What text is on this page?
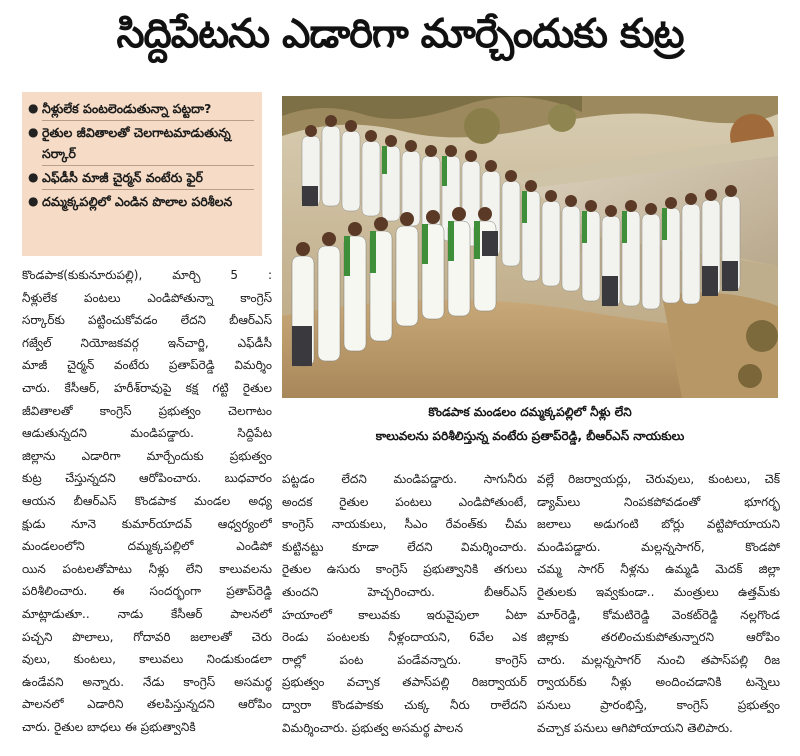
సిద్దిపేటను ఎడారిగా మార్చేందుకు కుట్ర
● నీళ్లులేక పంటలెండుతున్నా పట్టదా?
● రైతుల జీవితాలతో చెలగాటమాడుతున్న సర్కార్
● ఎఫ్‌డీసీ మాజీ చైర్మన్ వంటేరు ఫైర్
● దమ్మక్కపల్లిలో ఎండిన పొలాల పరిశీలన
కొండపాక మండలం దమ్మక్కపల్లిలో నీళ్లు లేని
కాలువలను పరిశీలిస్తున్న వంటేరు ప్రతాప్‌రెడ్డి, బీఆర్‌ఎస్ నాయకులు

కొండపాక(కుకునూరుపల్లి), మార్చి 5 :

నీళ్లులేక పంటలు ఎండిపోతున్నా కాంగ్రెస్

సర్కార్‌కు పట్టించుకోవడం లేదని బీఆర్‌ఎస్

గజ్వేల్ నియోజకవర్గ ఇన్‌చార్జి, ఎఫ్‌డీసీ

మాజీ చైర్మన్ వంటేరు ప్రతాప్‌రెడ్డి విమర్శిం

చారు. కేసీఆర్, హరీశ్‌రావుపై కక్ష గట్టి రైతుల

జీవితాలతో కాంగ్రెస్ ప్రభుత్వం చెలగాటం

ఆడుతున్నదని మండిపడ్డారు. సిద్దిపేట

జిల్లాను ఎడారిగా మార్చేందుకు ప్రభుత్వం

కుట్ర చేస్తున్నదని ఆరోపించారు. బుధవారం

ఆయన బీఆర్‌ఎస్ కొండపాక మండల అధ్య

క్షుడు నూనె కుమార్‌యాదవ్ ఆధ్వర్యంలో

మండలంలోని దమ్మక్కపల్లిలో ఎండిపో

యిన పంటలతోపాటు నీళ్లు లేని కాలువలను

పరిశీలించారు. ఈ సందర్భంగా ప్రతాప్‌రెడ్డి

మాట్లాడుతూ.. నాడు కేసీఆర్ పాలనలో

పచ్చని పొలాలు, గోదావరి జలాలతో చెరు

వులు, కుంటలు, కాలువలు నిండుకుండలా

ఉండేవని అన్నారు. నేడు కాంగ్రెస్ అసమర్థ

పాలనలో ఎడారిని తలపిస్తున్నదని ఆరోపిం

చారు. రైతుల బాధలు ఈ ప్రభుత్వానికి

పట్టడం లేదని మండిపడ్డారు. సాగునీరు

అందక రైతుల పంటలు ఎండిపోతుంటే,

కాంగ్రెస్ నాయకులు, సీఎం రేవంత్‌కు చీమ

కుట్టినట్టు కూడా లేదని విమర్శించారు.

రైతుల ఉసురు కాంగ్రెస్ ప్రభుత్వానికి తగులు

తుందని హెచ్చరించారు. బీఆర్‌ఎస్

హయాంలో కాలువకు ఇరువైపులా ఏటా

రెండు పంటలకు నీళ్లందాయని, 6వేల ఎక

రాల్లో పంట పండేవన్నారు. కాంగ్రెస్

ప్రభుత్వం వచ్చాక తపాస్‌పల్లి రిజర్వాయర్

ద్వారా కొండపాకకు చుక్క నీరు రాలేదని

విమర్శించారు. ప్రభుత్వ అసమర్థ పాలన

వల్లే రిజర్వాయర్లు, చెరువులు, కుంటలు, చెక్

డ్యామ్‌లు నింపకపోవడంతో భూగర్భ

జలాలు అడుగంటి బోర్లు వట్టిపోయాయని

మండిపడ్డారు. మల్లన్నసాగర్, కొండపో

చమ్మ సాగర్ నీళ్లను ఉమ్మడి మెదక్ జిల్లా

రైతులకు ఇవ్వకుండా.. మంత్రులు ఉత్తమ్‌కు

మార్‌రెడ్డి, కోమటిరెడ్డి వెంకట్‌రెడ్డి నల్లగొండ

జిల్లాకు తరలించుకుపోతున్నారని ఆరోపిం

చారు. మల్లన్నసాగర్ నుంచి తపాస్‌పల్లి రిజ

ర్వాయర్‌కు నీళ్లు అందించడానికి టన్నెలు

పనులు ప్రారంభిస్తే, కాంగ్రెస్ ప్రభుత్వం

వచ్చాక పనులు ఆగిపోయాయని తెలిపారు.
